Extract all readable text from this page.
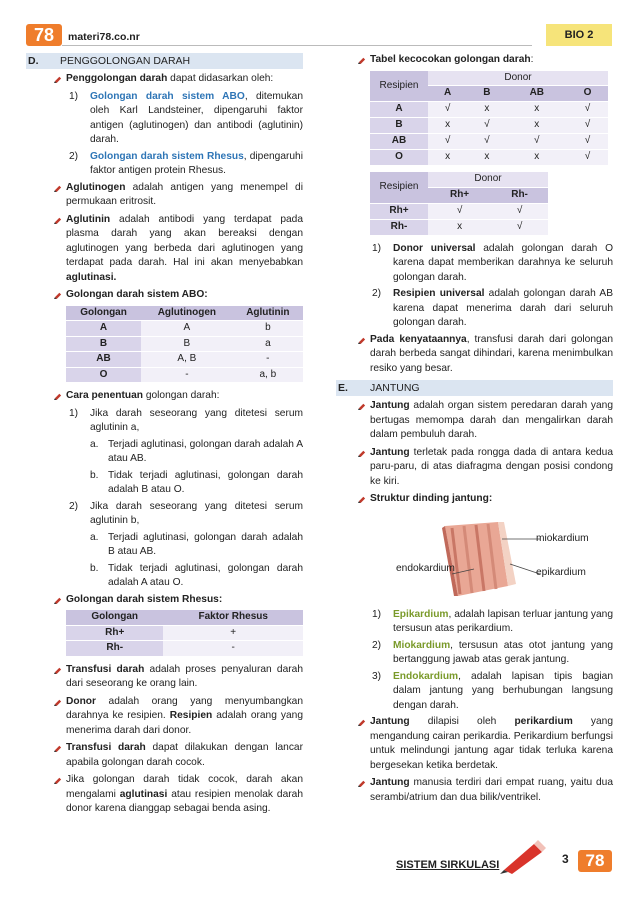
78	materi78.co.nr	BIO 2
D. PENGGOLONGAN DARAH
Penggolongan darah dapat didasarkan oleh:
1) Golongan darah sistem ABO, ditemukan oleh Karl Landsteiner, dipengaruhi faktor antigen (aglutinogen) dan antibodi (aglutinin) darah.
2) Golongan darah sistem Rhesus, dipengaruhi faktor antigen protein Rhesus.
Aglutinogen adalah antigen yang menempel di permukaan eritrosit.
Aglutinin adalah antibodi yang terdapat pada plasma darah yang akan bereaksi dengan aglutinogen yang berbeda dari aglutinogen yang terdapat pada darah. Hal ini akan menyebabkan aglutinasi.
Golongan darah sistem ABO:
Golongan	Aglutinogen	Aglutinin
A	A	b
B	B	a
AB	A, B	-
O	-	a, b
Cara penentuan golongan darah:
1) Jika darah seseorang yang ditetesi serum aglutinin a,
a. Terjadi aglutinasi, golongan darah adalah A atau AB.
b. Tidak terjadi aglutinasi, golongan darah adalah B atau O.
2) Jika darah seseorang yang ditetesi serum aglutinin b,
a. Terjadi aglutinasi, golongan darah adalah B atau AB.
b. Tidak terjadi aglutinasi, golongan darah adalah A atau O.
Golongan darah sistem Rhesus:
Golongan	Faktor Rhesus
Rh+	+
Rh-	-
Transfusi darah adalah proses penyaluran darah dari seseorang ke orang lain.
Donor adalah orang yang menyumbangkan darahnya ke resipien. Resipien adalah orang yang menerima darah dari donor.
Transfusi darah dapat dilakukan dengan lancar apabila golongan darah cocok.
Jika golongan darah tidak cocok, darah akan mengalami aglutinasi atau resipien menolak darah donor karena dianggap sebagai benda asing.
Tabel kecocokan golongan darah:
Resipien	Donor			
	A	B	AB	O
A	√	x	x	√
B	x	√	x	√
AB	√	√	√	√
O	x	x	x	√
Resipien	Donor	
	Rh+	Rh-
Rh+	√	√
Rh-	x	√
1) Donor universal adalah golongan darah O karena dapat memberikan darahnya ke seluruh golongan darah.
2) Resipien universal adalah golongan darah AB karena dapat menerima darah dari seluruh golongan darah.
Pada kenyataannya, transfusi darah dari golongan darah berbeda sangat dihindari, karena menimbulkan resiko yang besar.
E. JANTUNG
Jantung adalah organ sistem peredaran darah yang bertugas memompa darah dan mengalirkan darah dalam pembuluh darah.
Jantung terletak pada rongga dada di antara kedua paru-paru, di atas diafragma dengan posisi condong ke kiri.
Struktur dinding jantung:
miokardium
endokardium	epikardium
1) Epikardium, adalah lapisan terluar jantung yang tersusun atas perikardium.
2) Miokardium, tersusun atas otot jantung yang bertanggung jawab atas gerak jantung.
3) Endokardium, adalah lapisan tipis bagian dalam jantung yang berhubungan langsung dengan darah.
Jantung dilapisi oleh perikardium yang mengandung cairan perikardia. Perikardium berfungsi untuk melindungi jantung agar tidak terluka karena bergesekan ketika berdetak.
Jantung manusia terdiri dari empat ruang, yaitu dua serambi/atrium dan dua bilik/ventrikel.
SISTEM SIRKULASI	3 78
